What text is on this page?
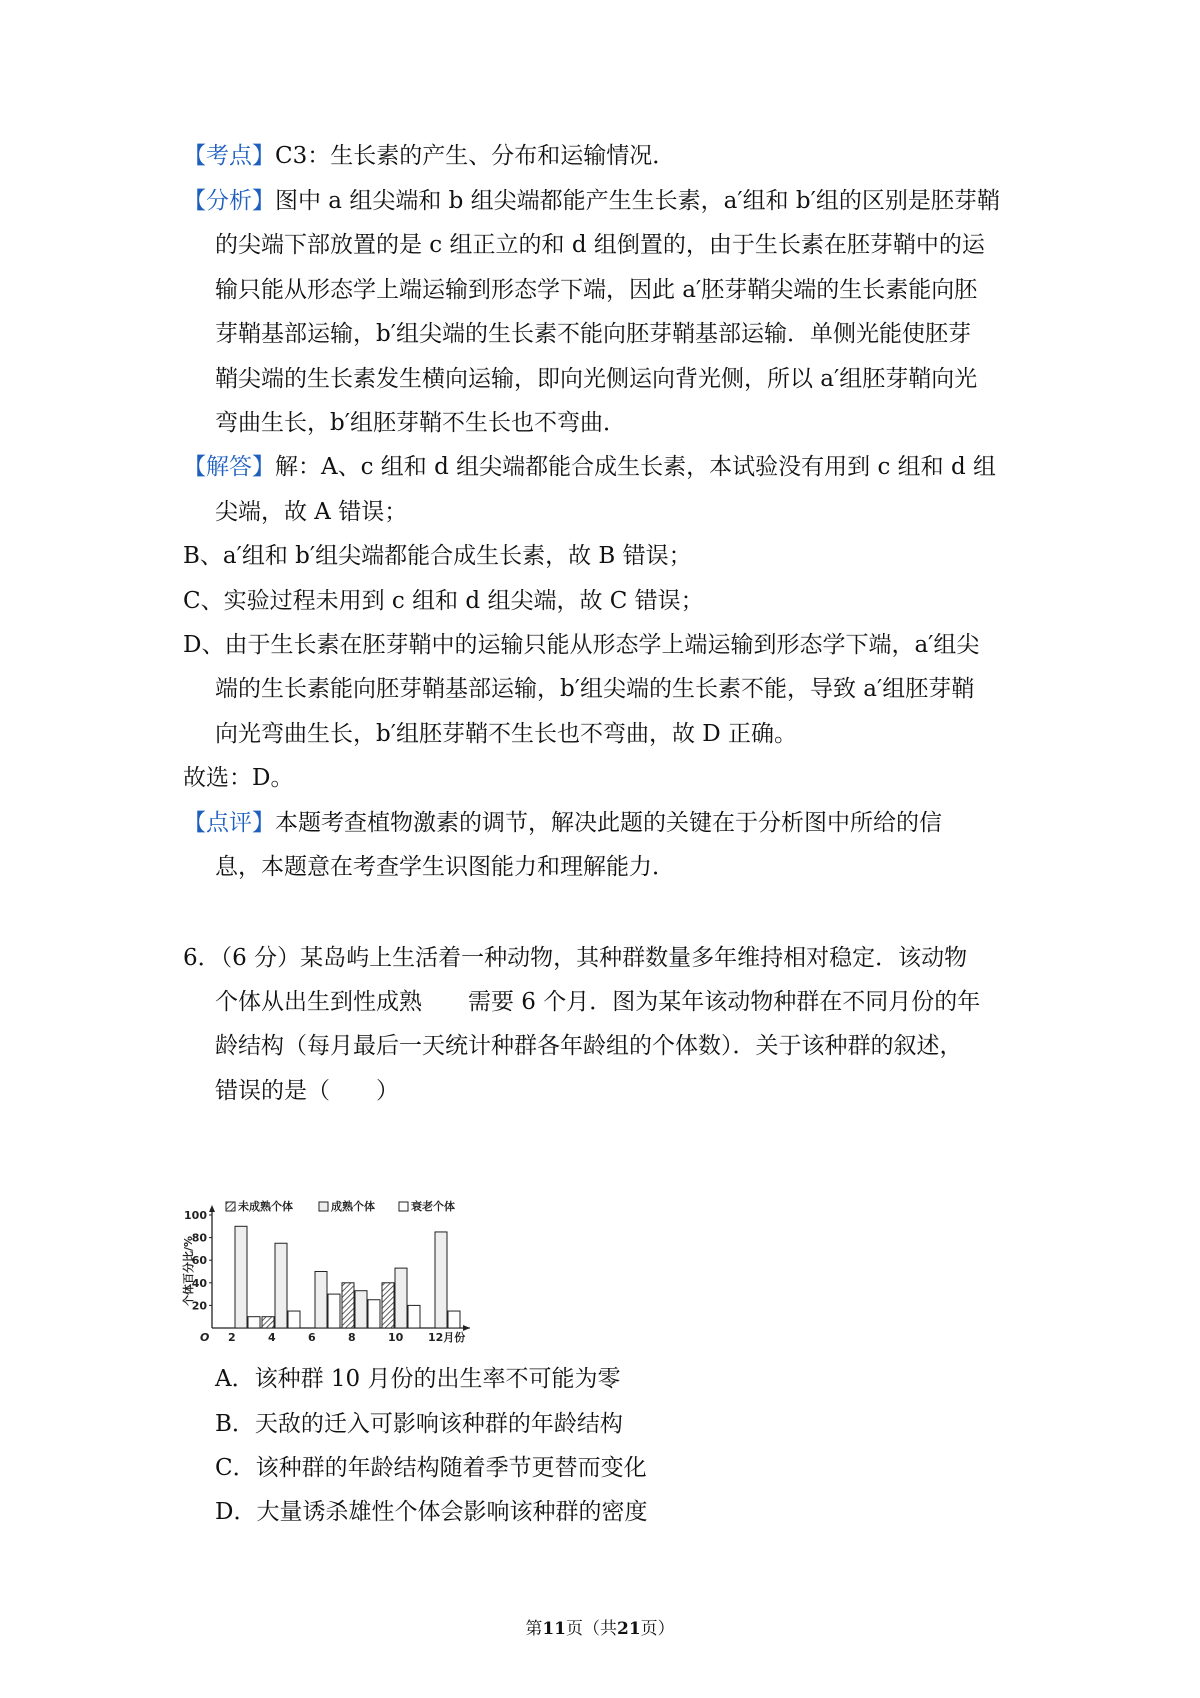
【考点】C3：生长素的产生、分布和运输情况．
【分析】图中 a 组尖端和 b 组尖端都能产生生长素，a′组和 b′组的区别是胚芽鞘
的尖端下部放置的是 c 组正立的和 d 组倒置的，由于生长素在胚芽鞘中的运
输只能从形态学上端运输到形态学下端，因此 a′胚芽鞘尖端的生长素能向胚
芽鞘基部运输，b′组尖端的生长素不能向胚芽鞘基部运输．单侧光能使胚芽
鞘尖端的生长素发生横向运输，即向光侧运向背光侧，所以 a′组胚芽鞘向光
弯曲生长，b′组胚芽鞘不生长也不弯曲．
【解答】解：A、c 组和 d 组尖端都能合成生长素，本试验没有用到 c 组和 d 组
尖端，故 A 错误；
B、a′组和 b′组尖端都能合成生长素，故 B 错误；
C、实验过程未用到 c 组和 d 组尖端，故 C 错误；
D、由于生长素在胚芽鞘中的运输只能从形态学上端运输到形态学下端，a′组尖
端的生长素能向胚芽鞘基部运输，b′组尖端的生长素不能，导致 a′组胚芽鞘
向光弯曲生长，b′组胚芽鞘不生长也不弯曲，故 D 正确。
故选：D。
【点评】本题考查植物激素的调节，解决此题的关键在于分析图中所给的信
息，本题意在考查学生识图能力和理解能力．
6．（6 分）某岛屿上生活着一种动物，其种群数量多年维持相对稳定．该动物
个体从出生到性成熟　　需要 6 个月．图为某年该动物种群在不同月份的年
龄结构（每月最后一天统计种群各年龄组的个体数）．关于该种群的叙述，
错误的是（　　）
未成熟个体	成熟个体	衰老个体
个体百分比/%
20
40
60
80
100
O 2	4	6	8	10 12月份
A．该种群 10 月份的出生率不可能为零
B．天敌的迁入可影响该种群的年龄结构
C．该种群的年龄结构随着季节更替而变化
D．大量诱杀雄性个体会影响该种群的密度
第11页（共21页）
